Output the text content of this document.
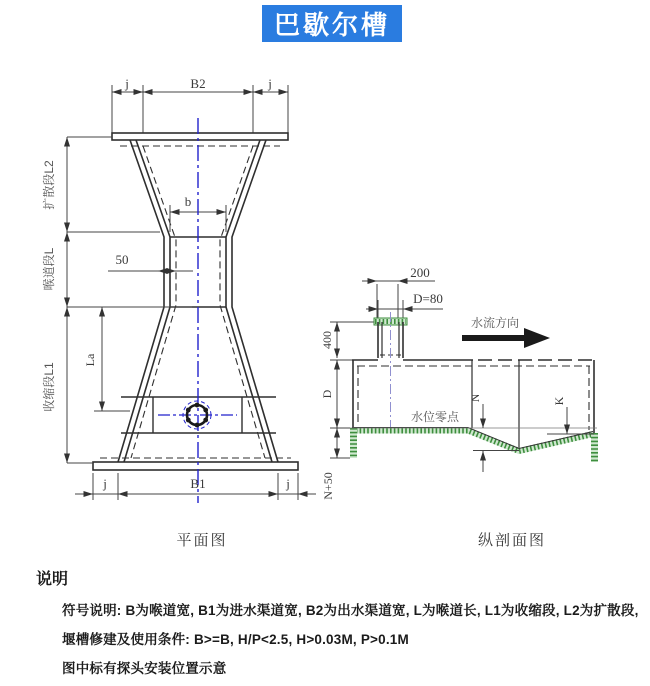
巴歇尔槽
j	B2	j
b
50
j	B1	j
扩散段L2
喉道段L
收缩段L1
La
平面图
200
D=80
400
水位零点
N	K
D
N+50
水流方向
纵剖面图
说明

符号说明: B为喉道宽, B1为进水渠道宽, B2为出水渠道宽, L为喉道长, L1为收缩段, L2为扩散段,

堰槽修建及使用条件: B>=B, H/P<2.5, H>0.03M, P>0.1M

图中标有探头安装位置示意
